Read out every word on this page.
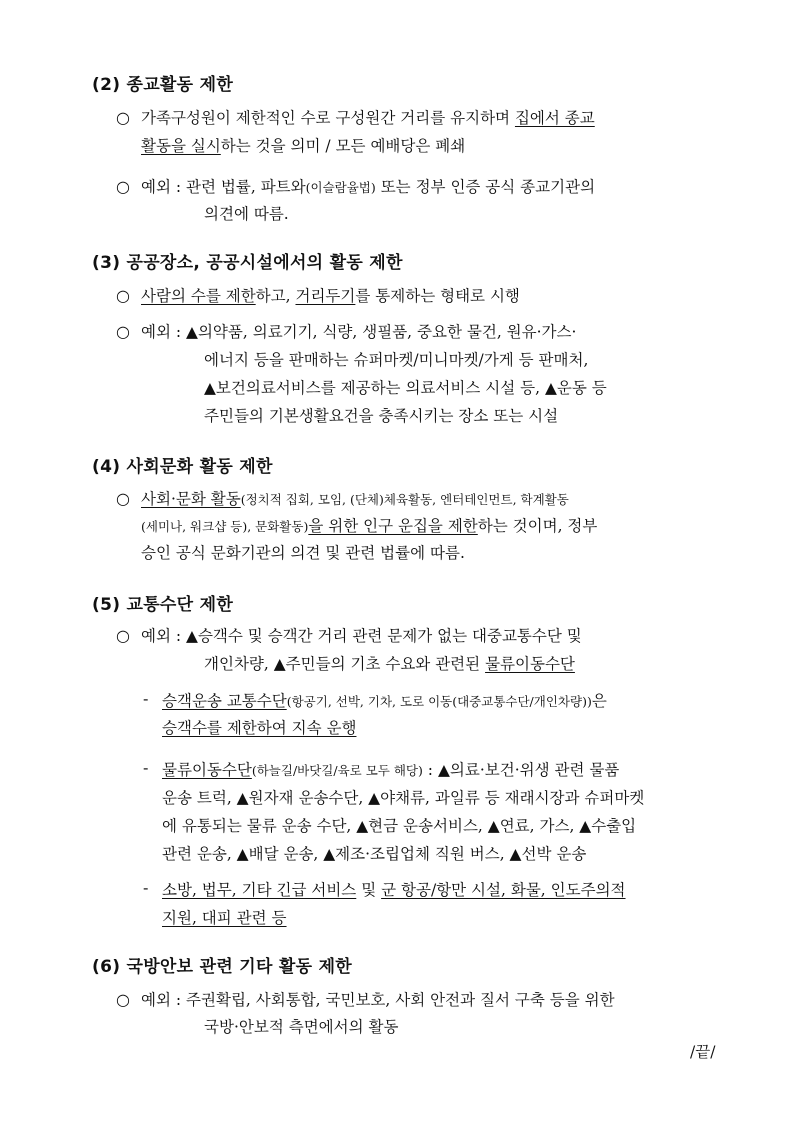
(2) 종교활동 제한
○ 가족구성원이 제한적인 수로 구성원간 거리를 유지하며 집에서 종교
활동을 실시하는 것을 의미 / 모든 예배당은 폐쇄
○ 예외 : 관련 법률, 파트와(이슬람율법) 또는 정부 인증 공식 종교기관의
의견에 따름.
(3) 공공장소, 공공시설에서의 활동 제한
○ 사람의 수를 제한하고, 거리두기를 통제하는 형태로 시행
○ 예외 : ▲의약품, 의료기기, 식량, 생필품, 중요한 물건, 원유·가스·
에너지 등을 판매하는 슈퍼마켓/미니마켓/가게 등 판매처,
▲보건의료서비스를 제공하는 의료서비스 시설 등, ▲운동 등
주민들의 기본생활요건을 충족시키는 장소 또는 시설
(4) 사회문화 활동 제한
○ 사회·문화 활동(정치적 집회, 모임, (단체)체육활동, 엔터테인먼트, 학계활동
(세미나, 워크샵 등), 문화활동)을 위한 인구 운집을 제한하는 것이며, 정부
승인 공식 문화기관의 의견 및 관련 법률에 따름.
(5) 교통수단 제한
○ 예외 : ▲승객수 및 승객간 거리 관련 문제가 없는 대중교통수단 및
개인차량, ▲주민들의 기초 수요와 관련된 물류이동수단
- 승객운송 교통수단(항공기, 선박, 기차, 도로 이동(대중교통수단/개인차량))은
승객수를 제한하여 지속 운행
- 물류이동수단(하늘길/바닷길/육로 모두 해당) : ▲의료·보건·위생 관련 물품
운송 트럭, ▲원자재 운송수단, ▲야채류, 과일류 등 재래시장과 슈퍼마켓
에 유통되는 물류 운송 수단, ▲현금 운송서비스, ▲연료, 가스, ▲수출입
관련 운송, ▲배달 운송, ▲제조·조립업체 직원 버스, ▲선박 운송
- 소방, 법무, 기타 긴급 서비스 및 군 항공/항만 시설, 화물, 인도주의적
지원, 대피 관련 등
(6) 국방안보 관련 기타 활동 제한
○ 예외 : 주권확립, 사회통합, 국민보호, 사회 안전과 질서 구축 등을 위한
국방·안보적 측면에서의 활동
/끝/
